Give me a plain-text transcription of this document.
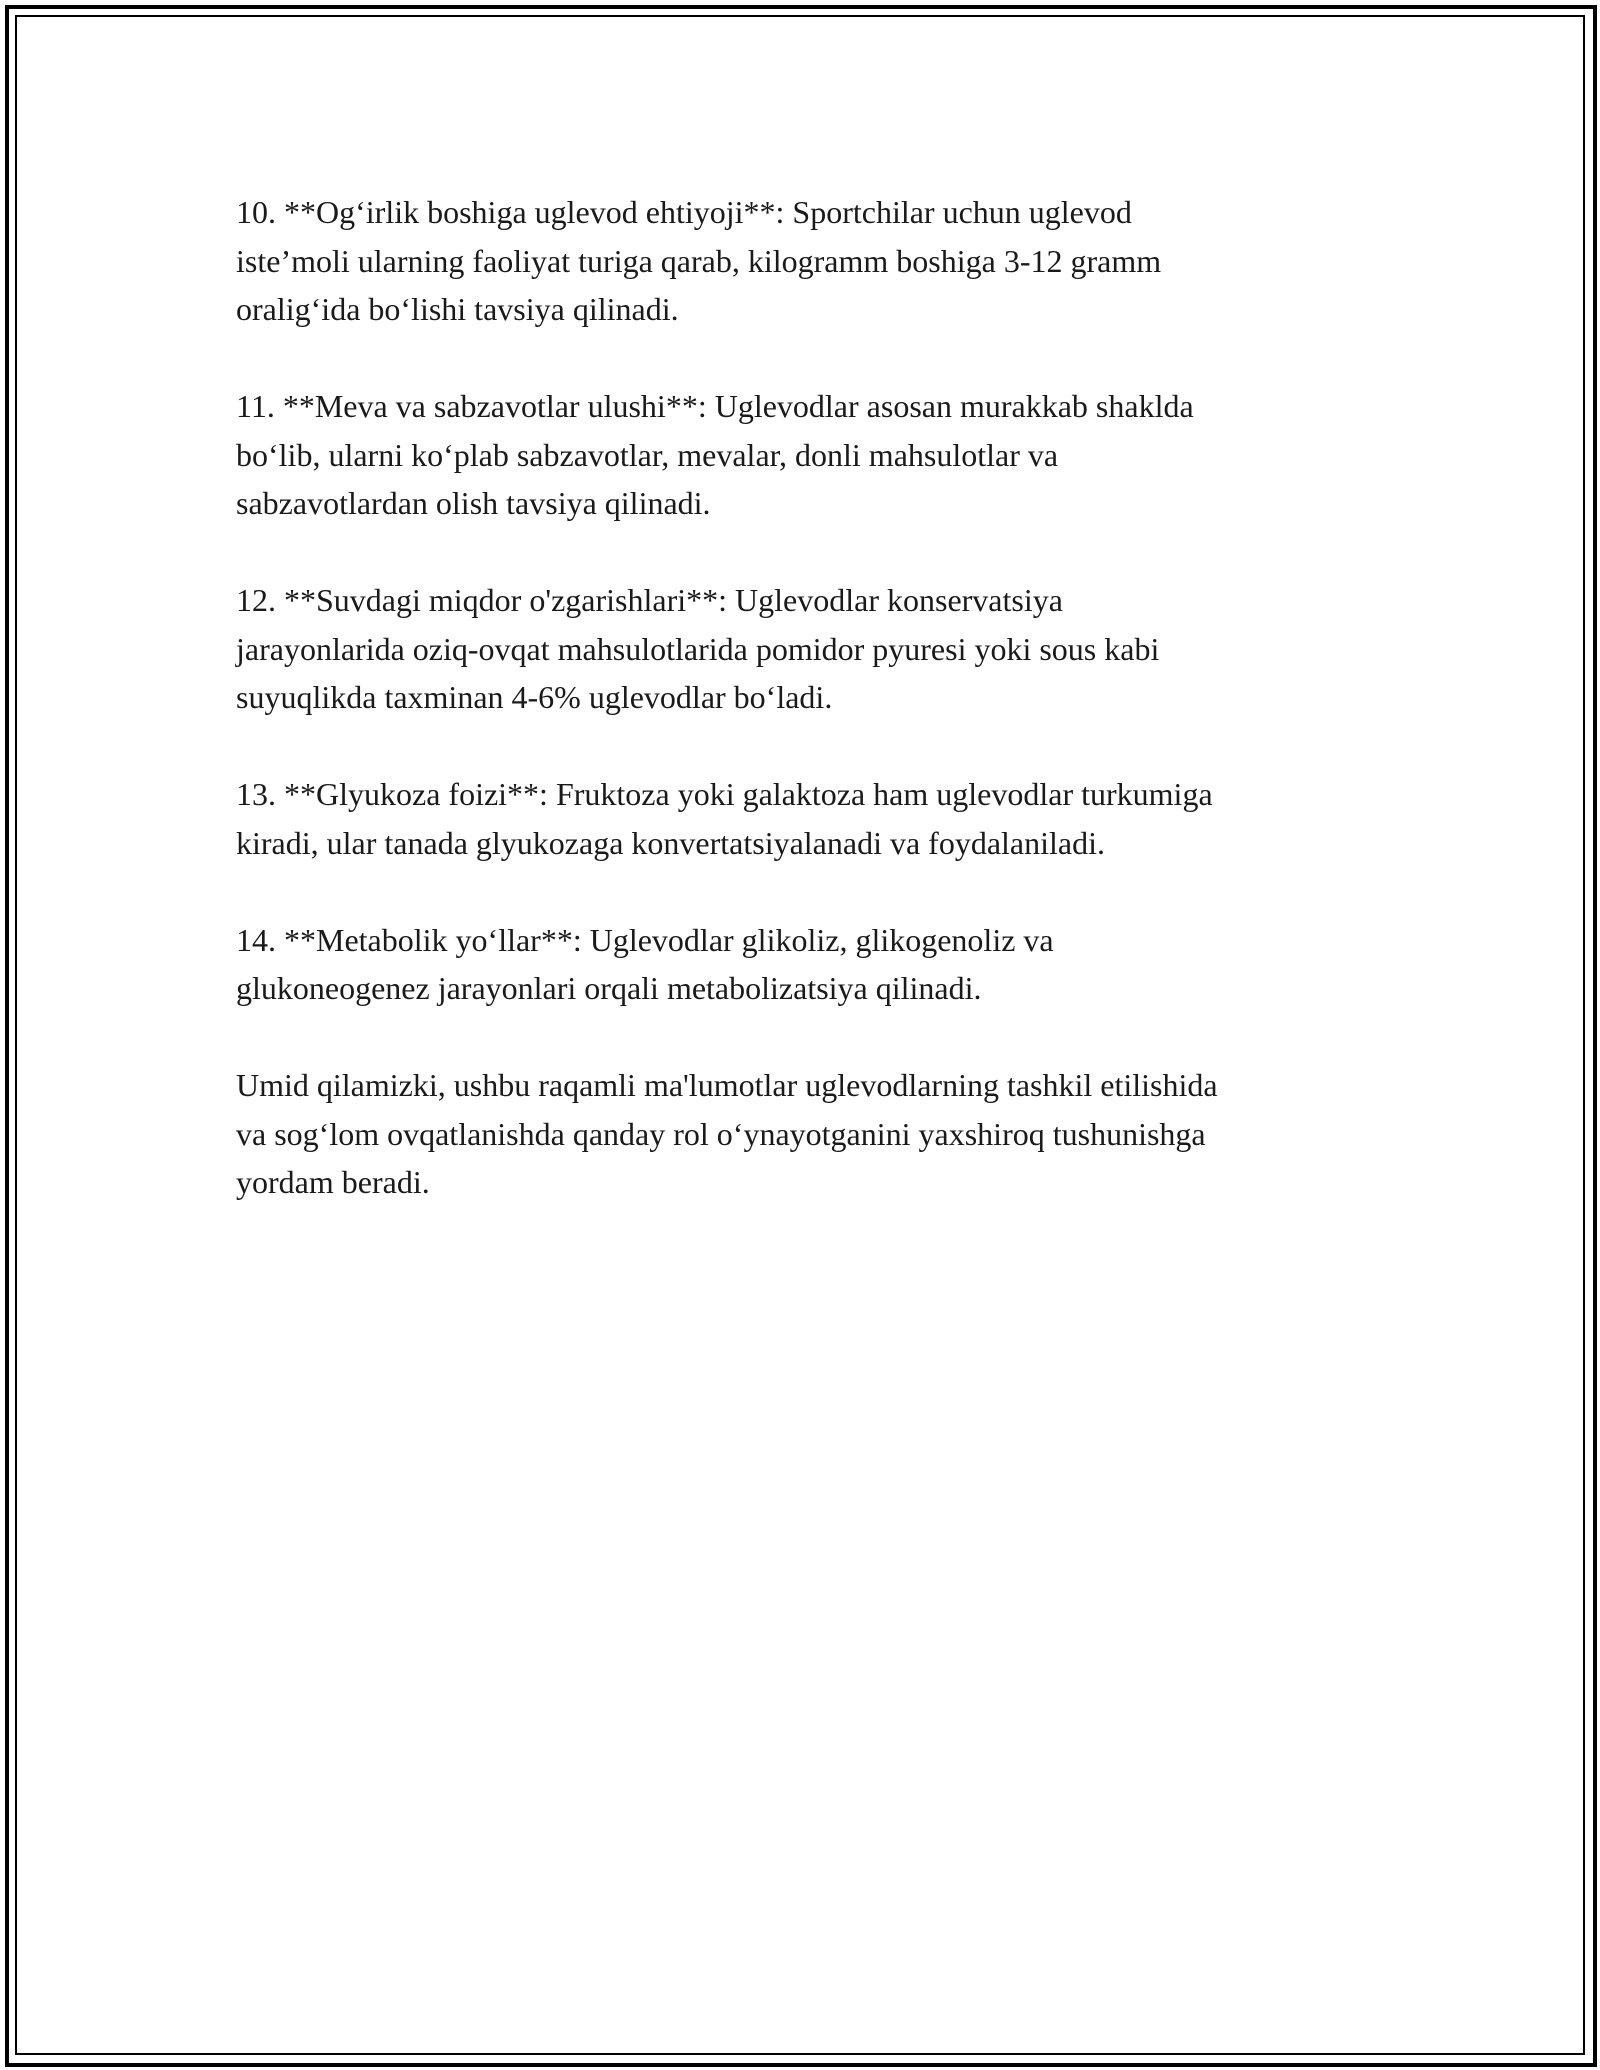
10. **Og‘irlik boshiga uglevod ehtiyoji**: Sportchilar uchun uglevod
iste’moli ularning faoliyat turiga qarab, kilogramm boshiga 3-12 gramm
oralig‘ida bo‘lishi tavsiya qilinadi.

11. **Meva va sabzavotlar ulushi**: Uglevodlar asosan murakkab shaklda
bo‘lib, ularni ko‘plab sabzavotlar, mevalar, donli mahsulotlar va
sabzavotlardan olish tavsiya qilinadi.

12. **Suvdagi miqdor o'zgarishlari**: Uglevodlar konservatsiya
jarayonlarida oziq-ovqat mahsulotlarida pomidor pyuresi yoki sous kabi
suyuqlikda taxminan 4-6% uglevodlar bo‘ladi.

13. **Glyukoza foizi**: Fruktoza yoki galaktoza ham uglevodlar turkumiga
kiradi, ular tanada glyukozaga konvertatsiyalanadi va foydalaniladi.

14. **Metabolik yo‘llar**: Uglevodlar glikoliz, glikogenoliz va
glukoneogenez jarayonlari orqali metabolizatsiya qilinadi.

Umid qilamizki, ushbu raqamli ma'lumotlar uglevodlarning tashkil etilishida
va sog‘lom ovqatlanishda qanday rol o‘ynayotganini yaxshiroq tushunishga
yordam beradi.
